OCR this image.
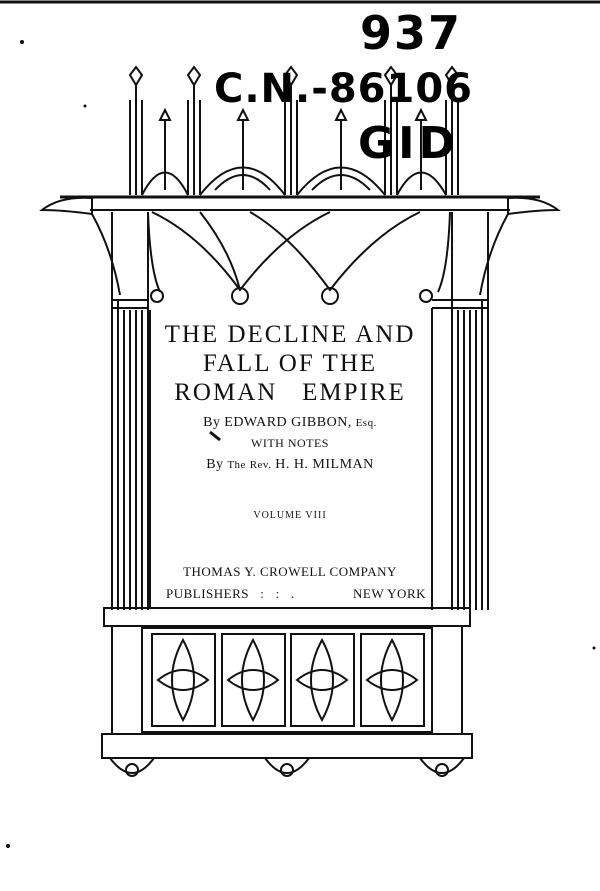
937
C.N.-86106
GID
THE DECLINE AND
FALL OF THE
ROMAN   EMPIRE
By EDWARD GIBBON, Esq.
WITH NOTES
By The Rev. H. H. MILMAN
VOLUME VIII
THOMAS Y. CROWELL COMPANY
PUBLISHERS   :   :   .	NEW YORK
